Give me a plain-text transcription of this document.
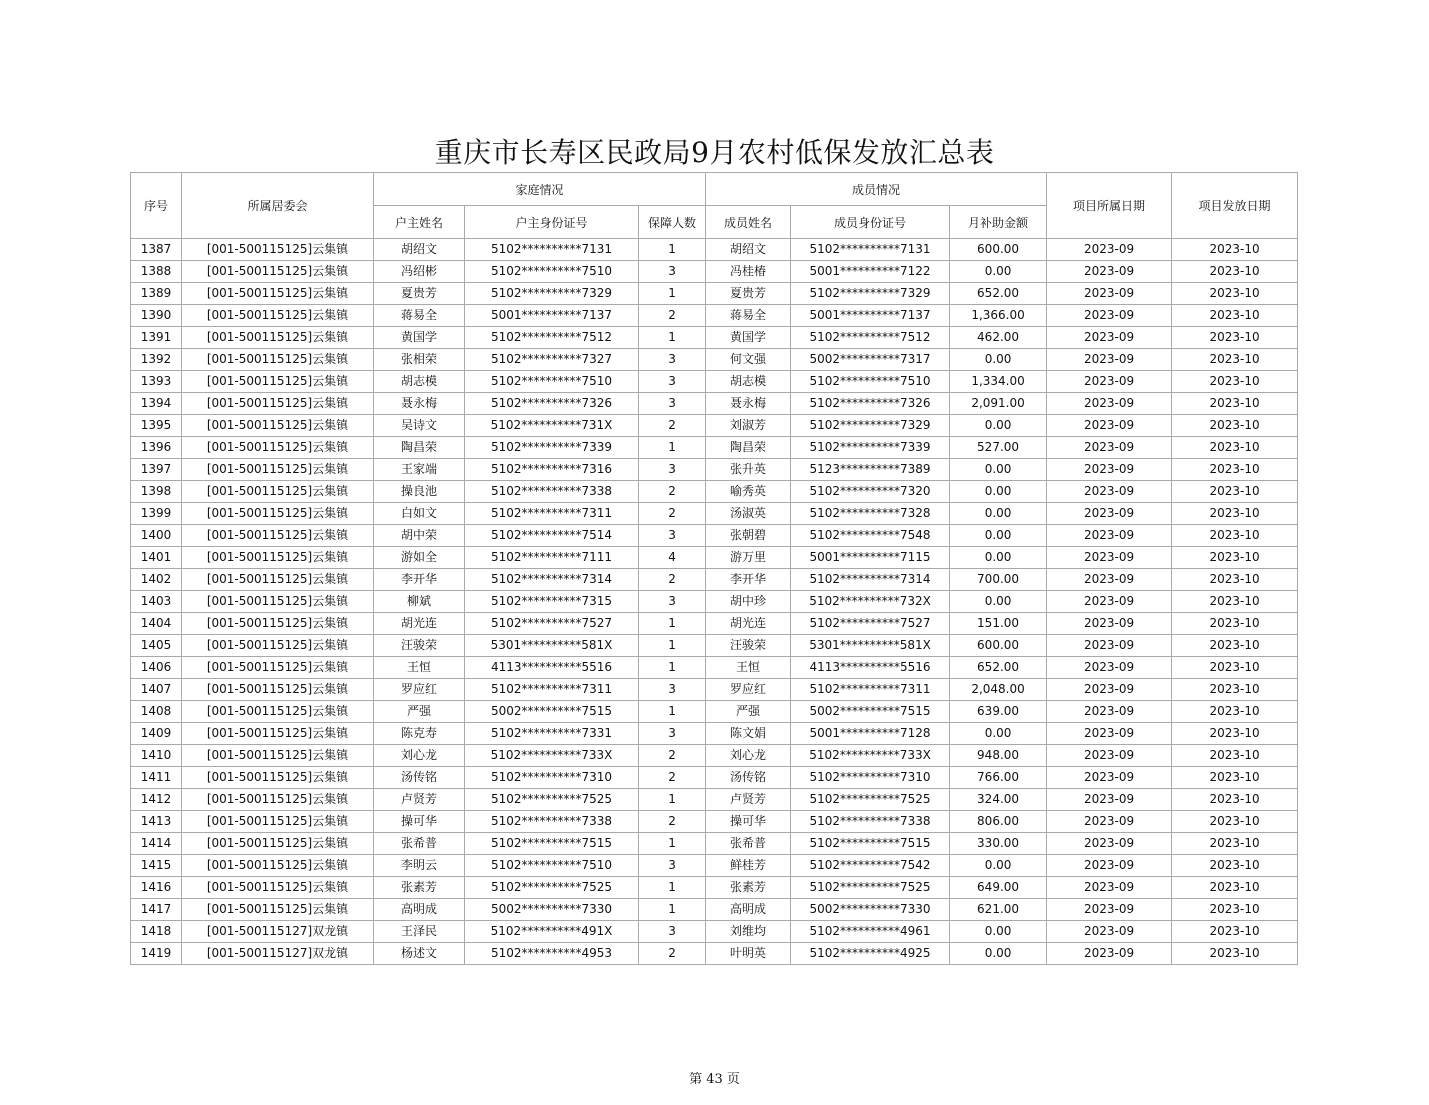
重庆市长寿区民政局9月农村低保发放汇总表
序号	所属居委会	家庭情况			成员情况			项目所属日期	项目发放日期
		户主姓名	户主身份证号	保障人数	成员姓名	成员身份证号	月补助金额		
1387	[001-500115125]云集镇	胡绍文	5102**********7131	1	胡绍文	5102**********7131	600.00	2023-09	2023-10
1388	[001-500115125]云集镇	冯绍彬	5102**********7510	3	冯桂椿	5001**********7122	0.00	2023-09	2023-10
1389	[001-500115125]云集镇	夏贵芳	5102**********7329	1	夏贵芳	5102**********7329	652.00	2023-09	2023-10
1390	[001-500115125]云集镇	蒋易全	5001**********7137	2	蒋易全	5001**********7137	1,366.00	2023-09	2023-10
1391	[001-500115125]云集镇	黄国学	5102**********7512	1	黄国学	5102**********7512	462.00	2023-09	2023-10
1392	[001-500115125]云集镇	张相荣	5102**********7327	3	何文强	5002**********7317	0.00	2023-09	2023-10
1393	[001-500115125]云集镇	胡志模	5102**********7510	3	胡志模	5102**********7510	1,334.00	2023-09	2023-10
1394	[001-500115125]云集镇	聂永梅	5102**********7326	3	聂永梅	5102**********7326	2,091.00	2023-09	2023-10
1395	[001-500115125]云集镇	吴诗文	5102**********731X	2	刘淑芳	5102**********7329	0.00	2023-09	2023-10
1396	[001-500115125]云集镇	陶昌荣	5102**********7339	1	陶昌荣	5102**********7339	527.00	2023-09	2023-10
1397	[001-500115125]云集镇	王家端	5102**********7316	3	张升英	5123**********7389	0.00	2023-09	2023-10
1398	[001-500115125]云集镇	操良池	5102**********7338	2	喻秀英	5102**********7320	0.00	2023-09	2023-10
1399	[001-500115125]云集镇	白如文	5102**********7311	2	汤淑英	5102**********7328	0.00	2023-09	2023-10
1400	[001-500115125]云集镇	胡中荣	5102**********7514	3	张朝碧	5102**********7548	0.00	2023-09	2023-10
1401	[001-500115125]云集镇	游如全	5102**********7111	4	游万里	5001**********7115	0.00	2023-09	2023-10
1402	[001-500115125]云集镇	李开华	5102**********7314	2	李开华	5102**********7314	700.00	2023-09	2023-10
1403	[001-500115125]云集镇	柳斌	5102**********7315	3	胡中珍	5102**********732X	0.00	2023-09	2023-10
1404	[001-500115125]云集镇	胡光连	5102**********7527	1	胡光连	5102**********7527	151.00	2023-09	2023-10
1405	[001-500115125]云集镇	汪骏荣	5301**********581X	1	汪骏荣	5301**********581X	600.00	2023-09	2023-10
1406	[001-500115125]云集镇	王恒	4113**********5516	1	王恒	4113**********5516	652.00	2023-09	2023-10
1407	[001-500115125]云集镇	罗应红	5102**********7311	3	罗应红	5102**********7311	2,048.00	2023-09	2023-10
1408	[001-500115125]云集镇	严强	5002**********7515	1	严强	5002**********7515	639.00	2023-09	2023-10
1409	[001-500115125]云集镇	陈克寿	5102**********7331	3	陈文娟	5001**********7128	0.00	2023-09	2023-10
1410	[001-500115125]云集镇	刘心龙	5102**********733X	2	刘心龙	5102**********733X	948.00	2023-09	2023-10
1411	[001-500115125]云集镇	汤传铭	5102**********7310	2	汤传铭	5102**********7310	766.00	2023-09	2023-10
1412	[001-500115125]云集镇	卢贤芳	5102**********7525	1	卢贤芳	5102**********7525	324.00	2023-09	2023-10
1413	[001-500115125]云集镇	操可华	5102**********7338	2	操可华	5102**********7338	806.00	2023-09	2023-10
1414	[001-500115125]云集镇	张希普	5102**********7515	1	张希普	5102**********7515	330.00	2023-09	2023-10
1415	[001-500115125]云集镇	李明云	5102**********7510	3	鲜桂芳	5102**********7542	0.00	2023-09	2023-10
1416	[001-500115125]云集镇	张素芳	5102**********7525	1	张素芳	5102**********7525	649.00	2023-09	2023-10
1417	[001-500115125]云集镇	高明成	5002**********7330	1	高明成	5002**********7330	621.00	2023-09	2023-10
1418	[001-500115127]双龙镇	王泽民	5102**********491X	3	刘维均	5102**********4961	0.00	2023-09	2023-10
1419	[001-500115127]双龙镇	杨述文	5102**********4953	2	叶明英	5102**********4925	0.00	2023-09	2023-10
第 43 页
